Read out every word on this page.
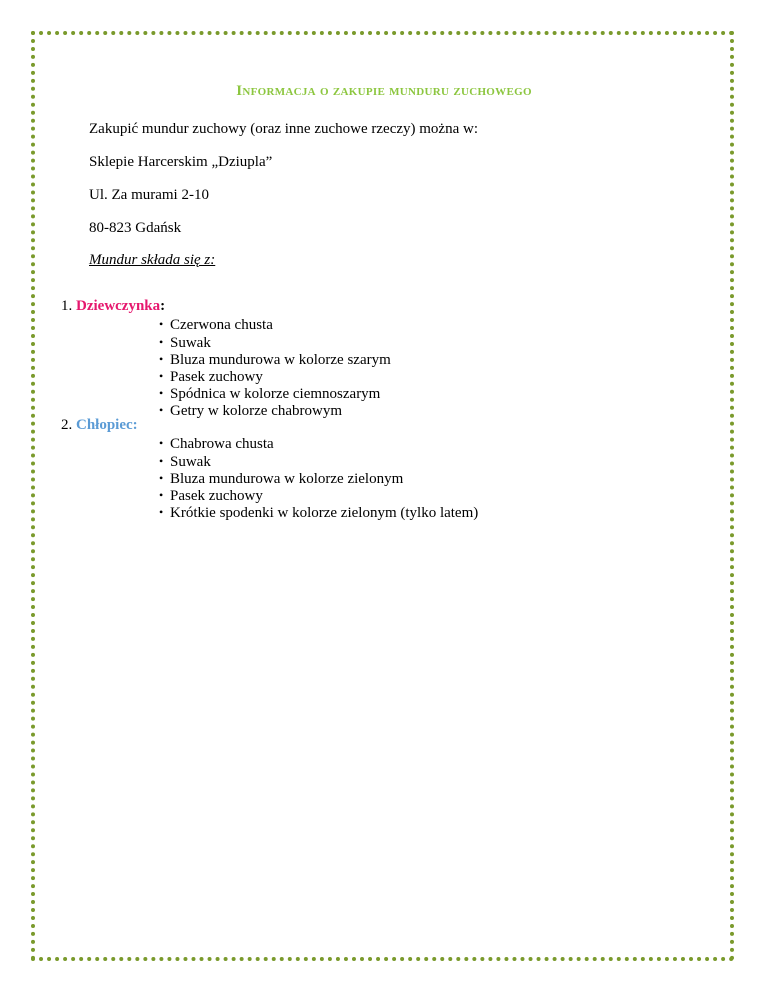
Informacja o zakupie munduru zuchowego
Zakupić mundur zuchowy (oraz inne zuchowe rzeczy) można w:
Sklepie Harcerskim „Dziupla”
Ul. Za murami 2-10
80-823 Gdańsk
Mundur składa się z:
1. Dziewczynka:
• Czerwona chusta
• Suwak
• Bluza mundurowa w kolorze szarym
• Pasek zuchowy
• Spódnica w kolorze ciemnoszarym
• Getry w kolorze chabrowym
2. Chłopiec:
• Chabrowa chusta
• Suwak
• Bluza mundurowa w kolorze zielonym
• Pasek zuchowy
• Krótkie spodenki w kolorze zielonym (tylko latem)
